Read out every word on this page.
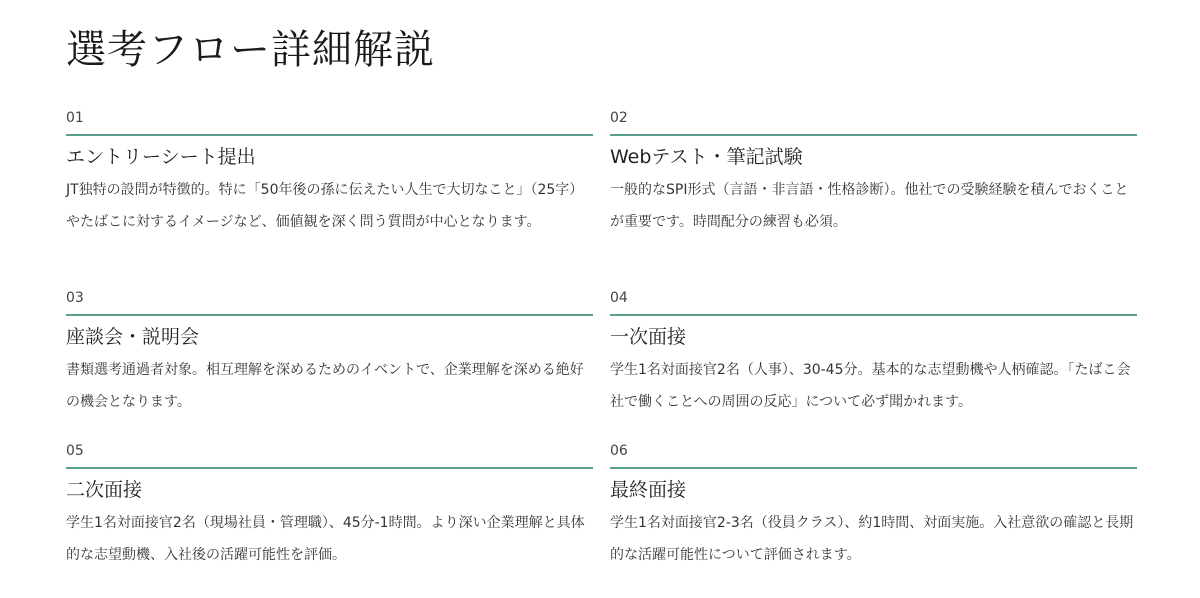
選考フロー詳細解説
01
エントリーシート提出

JT独特の設問が特徴的。特に「50年後の孫に伝えたい人生で大切なこと」（25字）やたばこに対するイメージなど、価値観を深く問う質問が中心となります。

02
Webテスト・筆記試験

一般的なSPI形式（言語・非言語・性格診断）。他社での受験経験を積んでおくことが重要です。時間配分の練習も必須。

03
座談会・説明会

書類選考通過者対象。相互理解を深めるためのイベントで、企業理解を深める絶好の機会となります。

04
一次面接

学生1名対面接官2名（人事）、30-45分。基本的な志望動機や人柄確認。「たばこ会社で働くことへの周囲の反応」について必ず聞かれます。

05
二次面接

学生1名対面接官2名（現場社員・管理職）、45分-1時間。より深い企業理解と具体的な志望動機、入社後の活躍可能性を評価。

06
最終面接

学生1名対面接官2-3名（役員クラス）、約1時間、対面実施。入社意欲の確認と長期的な活躍可能性について評価されます。
